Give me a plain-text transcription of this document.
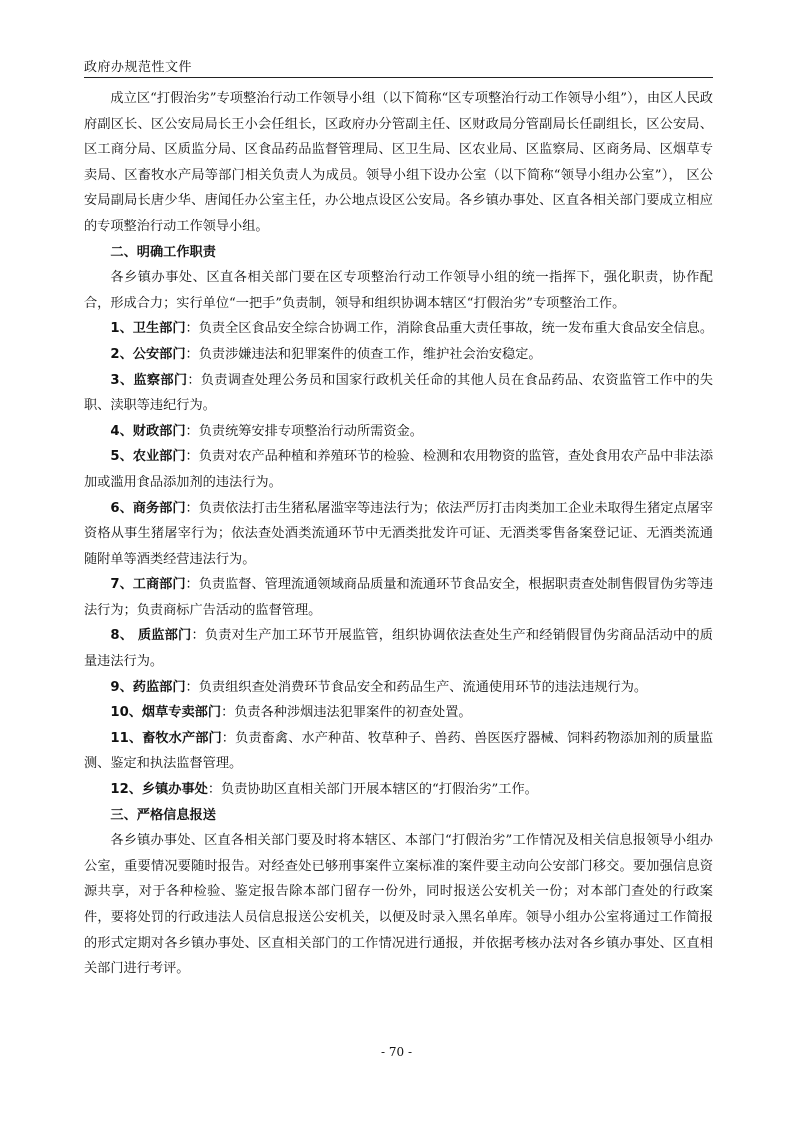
政府办规范性文件

成立区“打假治劣”专项整治行动工作领导小组（以下简称“区专项整治行动工作领导小组”），由区人民政府副区长、区公安局局长王小会任组长，区政府办分管副主任、区财政局分管副局长任副组长，区公安局、区工商分局、区质监分局、区食品药品监督管理局、区卫生局、区农业局、区监察局、区商务局、区烟草专卖局、区畜牧水产局等部门相关负责人为成员。领导小组下设办公室（以下简称“领导小组办公室”）， 区公安局副局长唐少华、唐闻任办公室主任，办公地点设区公安局。各乡镇办事处、区直各相关部门要成立相应的专项整治行动工作领导小组。

二、明确工作职责

各乡镇办事处、区直各相关部门要在区专项整治行动工作领导小组的统一指挥下，强化职责，协作配合，形成合力；实行单位“一把手”负责制，领导和组织协调本辖区“打假治劣”专项整治工作。

1、卫生部门：负责全区食品安全综合协调工作，消除食品重大责任事故，统一发布重大食品安全信息。

2、公安部门：负责涉嫌违法和犯罪案件的侦查工作，维护社会治安稳定。

3、监察部门：负责调查处理公务员和国家行政机关任命的其他人员在食品药品、农资监管工作中的失职、渎职等违纪行为。

4、财政部门：负责统筹安排专项整治行动所需资金。

5、农业部门：负责对农产品种植和养殖环节的检验、检测和农用物资的监管，查处食用农产品中非法添加或滥用食品添加剂的违法行为。

6、商务部门：负责依法打击生猪私屠滥宰等违法行为；依法严厉打击肉类加工企业未取得生猪定点屠宰资格从事生猪屠宰行为；依法查处酒类流通环节中无酒类批发许可证、无酒类零售备案登记证、无酒类流通随附单等酒类经营违法行为。

7、工商部门：负责监督、管理流通领域商品质量和流通环节食品安全，根据职责查处制售假冒伪劣等违法行为；负责商标广告活动的监督管理。

8、 质监部门：负责对生产加工环节开展监管，组织协调依法查处生产和经销假冒伪劣商品活动中的质量违法行为。

9、药监部门：负责组织查处消费环节食品安全和药品生产、流通使用环节的违法违规行为。

10、烟草专卖部门：负责各种涉烟违法犯罪案件的初查处置。

11、畜牧水产部门：负责畜禽、水产种苗、牧草种子、兽药、兽医医疗器械、饲料药物添加剂的质量监测、鉴定和执法监督管理。

12、乡镇办事处：负责协助区直相关部门开展本辖区的“打假治劣”工作。

三、严格信息报送

各乡镇办事处、区直各相关部门要及时将本辖区、本部门“打假治劣”工作情况及相关信息报领导小组办公室，重要情况要随时报告。对经查处已够刑事案件立案标准的案件要主动向公安部门移交。要加强信息资源共享，对于各种检验、鉴定报告除本部门留存一份外，同时报送公安机关一份；对本部门查处的行政案件，要将处罚的行政违法人员信息报送公安机关，以便及时录入黑名单库。领导小组办公室将通过工作简报的形式定期对各乡镇办事处、区直相关部门的工作情况进行通报，并依据考核办法对各乡镇办事处、区直相关部门进行考评。

- 70 -
